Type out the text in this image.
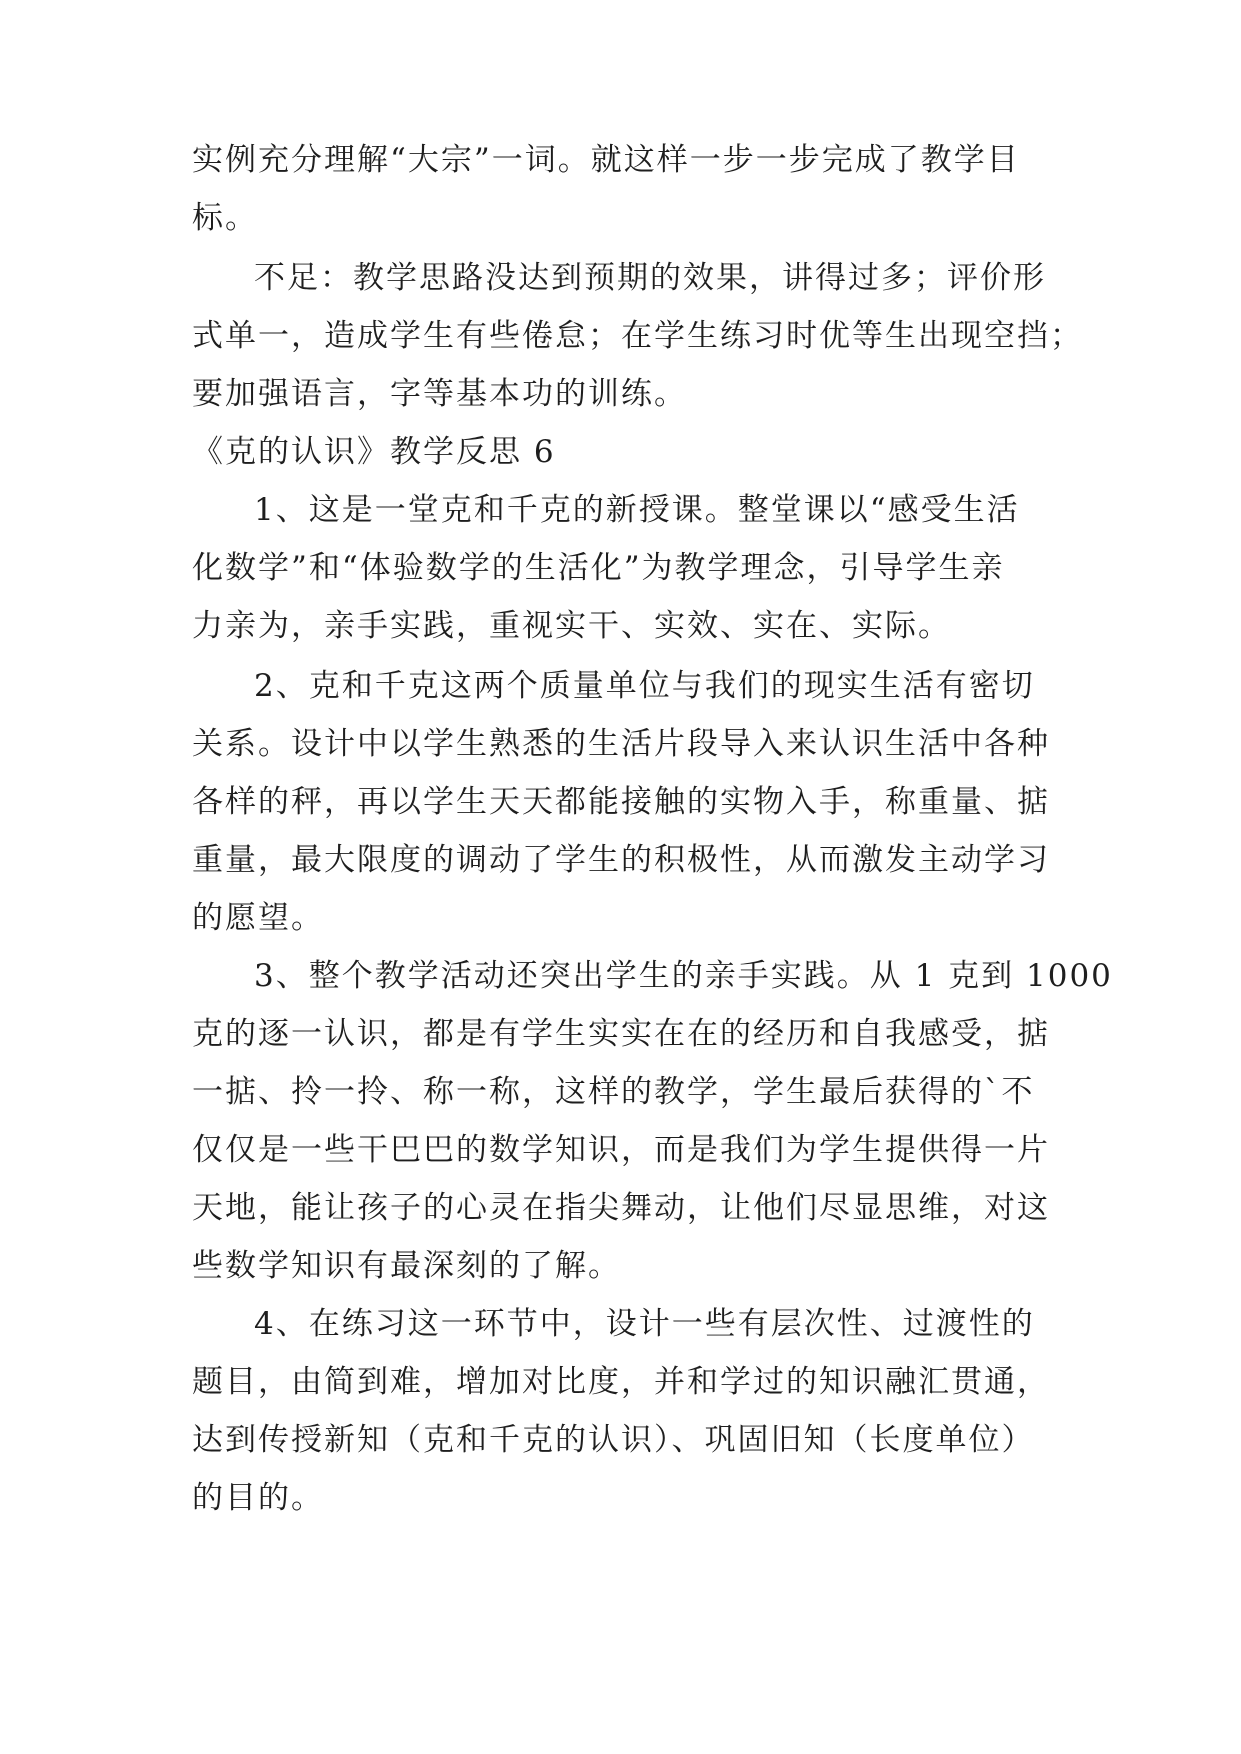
实例充分理解“大宗”一词。就这样一步一步完成了教学目
标。
不足：教学思路没达到预期的效果，讲得过多；评价形
式单一，造成学生有些倦怠；在学生练习时优等生出现空挡；
要加强语言，字等基本功的训练。
《克的认识》教学反思 6
1、这是一堂克和千克的新授课。整堂课以“感受生活
化数学”和“体验数学的生活化”为教学理念，引导学生亲
力亲为，亲手实践，重视实干、实效、实在、实际。
2、克和千克这两个质量单位与我们的现实生活有密切
关系。设计中以学生熟悉的生活片段导入来认识生活中各种
各样的秤，再以学生天天都能接触的实物入手，称重量、掂
重量，最大限度的调动了学生的积极性，从而激发主动学习
的愿望。
3、整个教学活动还突出学生的亲手实践。从 1 克到 1000
克的逐一认识，都是有学生实实在在的经历和自我感受，掂
一掂、拎一拎、称一称，这样的教学，学生最后获得的`不
仅仅是一些干巴巴的数学知识，而是我们为学生提供得一片
天地，能让孩子的心灵在指尖舞动，让他们尽显思维，对这
些数学知识有最深刻的了解。
4、在练习这一环节中，设计一些有层次性、过渡性的
题目，由简到难，增加对比度，并和学过的知识融汇贯通，
达到传授新知（克和千克的认识）、巩固旧知（长度单位）
的目的。
